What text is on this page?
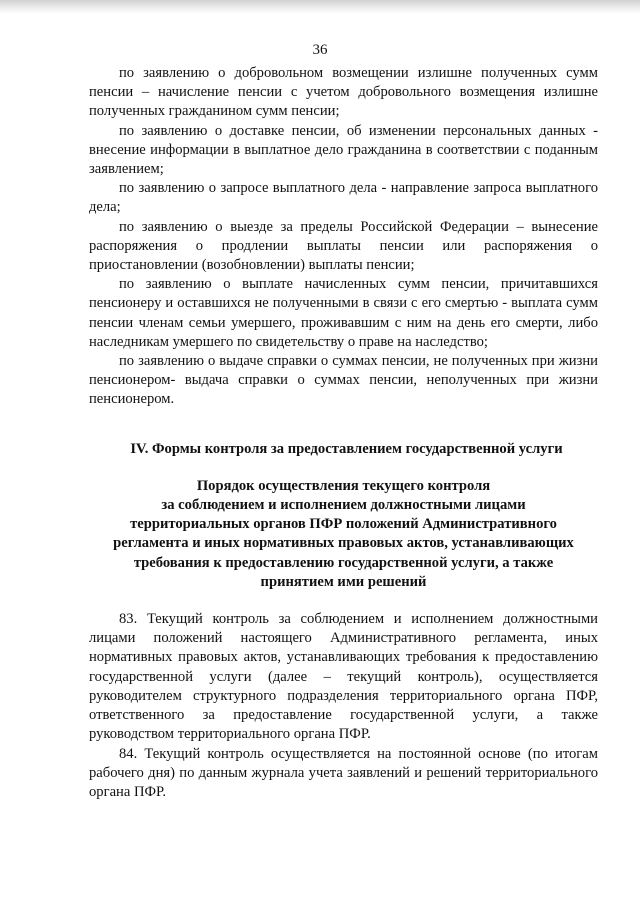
36

по заявлению о добровольном возмещении излишне полученных сумм пенсии – начисление пенсии с учетом добровольного возмещения излишне полученных гражданином сумм пенсии;

по заявлению о доставке пенсии, об изменении персональных данных - внесение информации в выплатное дело гражданина в соответствии с поданным заявлением;

по заявлению о запросе выплатного дела - направление запроса выплатного дела;

по заявлению о выезде за пределы Российской Федерации – вынесение распоряжения о продлении выплаты пенсии или распоряжения о приостановлении (возобновлении) выплаты пенсии;

по заявлению о выплате начисленных сумм пенсии, причитавшихся пенсионеру и оставшихся не полученными в связи с его смертью - выплата сумм пенсии членам семьи умершего, проживавшим с ним на день его смерти, либо наследникам умершего по свидетельству о праве на наследство;

по заявлению о выдаче справки о суммах пенсии, не полученных при жизни пенсионером- выдача справки о суммах пенсии, неполученных при жизни пенсионером.

IV. Формы контроля за предоставлением государственной услуги
Порядок осуществления текущего контроля
за соблюдением и исполнением должностными лицами
территориальных органов ПФР положений Административного
регламента и иных нормативных правовых актов, устанавливающих
требования к предоставлению государственной услуги, а также
принятием ими решений

83. Текущий контроль за соблюдением и исполнением должностными лицами положений настоящего Административного регламента, иных нормативных правовых актов, устанавливающих требования к предоставлению государственной услуги (далее – текущий контроль), осуществляется руководителем структурного подразделения территориального органа ПФР, ответственного за предоставление государственной услуги, а также руководством территориального органа ПФР.

84. Текущий контроль осуществляется на постоянной основе (по итогам рабочего дня) по данным журнала учета заявлений и решений территориального органа ПФР.
